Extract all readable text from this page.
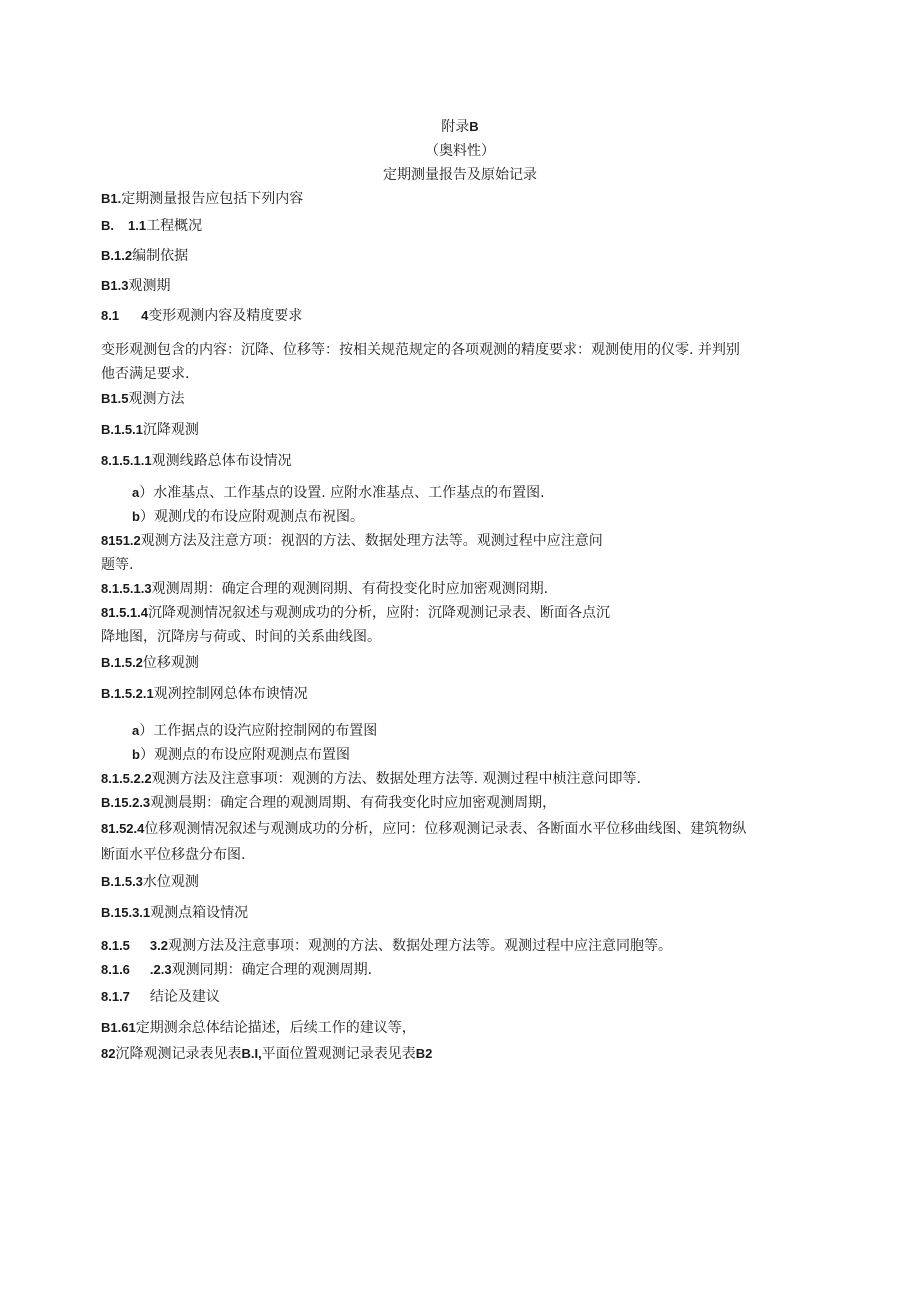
附录B
（奥料性）
定期测量报告及原始记录
B1.定期测量报告应包括下列内容
B. 1.1工程概况
B.1.2编制依据
B1.3观测期
8.1 4变形观测内容及精度要求
变形观测包含的内容：沉降、位移等：按相关规范规定的各项观测的精度要求：观测使用的仪零. 并判别
他否满足要求.
B1.5观测方法
B.1.5.1沉降观测
8.1.5.1.1观测线路总体布设情况
a）水准基点、工作基点的设置. 应附水准基点、工作基点的布置图.
b）观测戊的布设应附观测点布祝图。
8151.2观测方法及注意方项：视泅的方法、数据处理方法等。观测过程中应注意问
题等.
8.1.5.1.3观测周期：确定合理的观测冏期、有荷投变化时应加密观测冏期.
81.5.1.4沉降观测情况叙述与观测成功的分析，应附：沉降观测记录表、断面各点沉
降地图，沉降房与荷或、时间的关系曲线图。
B.1.5.2位移观测
B.1.5.2.1观冽控制网总体布谀情况
a）工作据点的设汽应附控制网的布置图
b）观测点的布设应附观测点布置图
8.1.5.2.2观测方法及注意事项：观测的方法、数据处理方法等. 观测过程中桢注意问即等.
B.15.2.3观测晨期：确定合理的观测周期、有荷我变化时应加密观测周期，
81.52.4位移观测情况叙述与观测成功的分析，应冋：位移观测记录表、各断面水平位移曲线图、建筑物纵
断面水平位移盘分布图.
B.1.5.3水位观测
B.15.3.1观测点箱设情况
8.1.5 3.2观测方法及注意事项：观测的方法、数据处理方法等。观测过程中应注意同胞等。
8.1.6 .2.3观测同期：确定合理的观测周期.
8.1.7 结论及建议
B1.61定期测余总体结论描述，后续工作的建议等，
82沉降观测记录表见表B.I,平面位置观测记录表见表B2
